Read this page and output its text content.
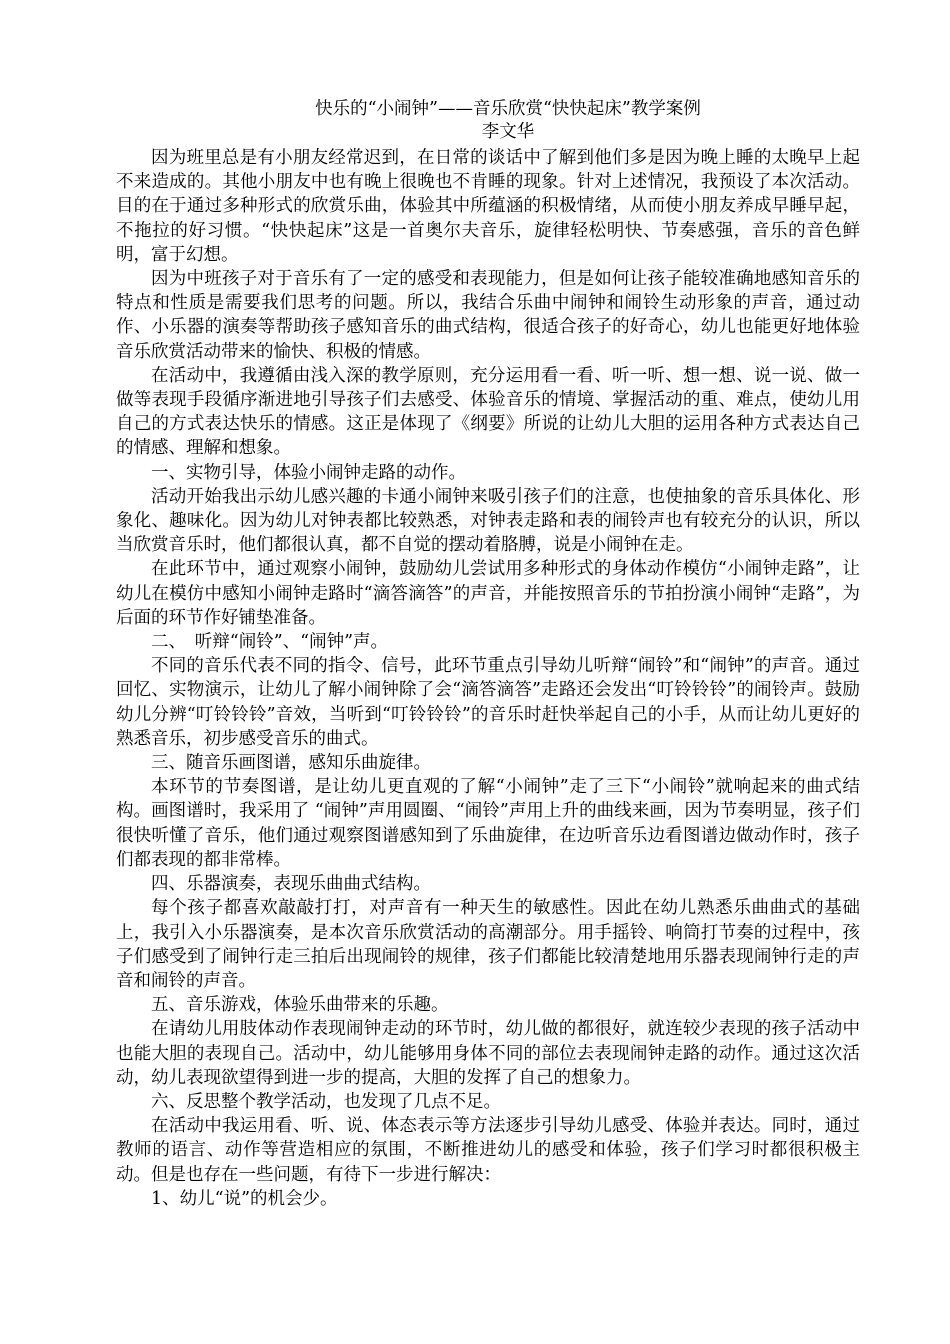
快乐的“小闹钟”——音乐欣赏“快快起床”教学案例

李文华

因为班里总是有小朋友经常迟到，在日常的谈话中了解到他们多是因为晚上睡的太晚早上起不来造成的。其他小朋友中也有晚上很晚也不肯睡的现象。针对上述情况，我预设了本次活动。目的在于通过多种形式的欣赏乐曲，体验其中所蕴涵的积极情绪，从而使小朋友养成早睡早起，不拖拉的好习惯。“快快起床”这是一首奥尔夫音乐，旋律轻松明快、节奏感强，音乐的音色鲜明，富于幻想。

因为中班孩子对于音乐有了一定的感受和表现能力，但是如何让孩子能较准确地感知音乐的特点和性质是需要我们思考的问题。所以，我结合乐曲中闹钟和闹铃生动形象的声音，通过动作、小乐器的演奏等帮助孩子感知音乐的曲式结构，很适合孩子的好奇心，幼儿也能更好地体验音乐欣赏活动带来的愉快、积极的情感。

在活动中，我遵循由浅入深的教学原则，充分运用看一看、听一听、想一想、说一说、做一做等表现手段循序渐进地引导孩子们去感受、体验音乐的情境、掌握活动的重、难点，使幼儿用自己的方式表达快乐的情感。这正是体现了《纲要》所说的让幼儿大胆的运用各种方式表达自己的情感、理解和想象。

一、实物引导，体验小闹钟走路的动作。

活动开始我出示幼儿感兴趣的卡通小闹钟来吸引孩子们的注意，也使抽象的音乐具体化、形象化、趣味化。因为幼儿对钟表都比较熟悉，对钟表走路和表的闹铃声也有较充分的认识，所以当欣赏音乐时，他们都很认真，都不自觉的摆动着胳膊，说是小闹钟在走。

在此环节中，通过观察小闹钟，鼓励幼儿尝试用多种形式的身体动作模仿“小闹钟走路”，让幼儿在模仿中感知小闹钟走路时“滴答滴答”的声音，并能按照音乐的节拍扮演小闹钟“走路”，为后面的环节作好铺垫准备。

二、　听辩“闹铃”、“闹钟”声。

不同的音乐代表不同的指令、信号，此环节重点引导幼儿听辩“闹铃”和“闹钟”的声音。通过回忆、实物演示，让幼儿了解小闹钟除了会“滴答滴答”走路还会发出“叮铃铃铃”的闹铃声。鼓励幼儿分辨“叮铃铃铃”音效，当听到“叮铃铃铃”的音乐时赶快举起自己的小手，从而让幼儿更好的熟悉音乐，初步感受音乐的曲式。

三、随音乐画图谱，感知乐曲旋律。

本环节的节奏图谱，是让幼儿更直观的了解“小闹钟”走了三下“小闹铃”就响起来的曲式结构。画图谱时，我采用了 “闹钟”声用圆圈、“闹铃”声用上升的曲线来画，因为节奏明显，孩子们很快听懂了音乐，他们通过观察图谱感知到了乐曲旋律，在边听音乐边看图谱边做动作时，孩子们都表现的都非常棒。

四、乐器演奏，表现乐曲曲式结构。

每个孩子都喜欢敲敲打打，对声音有一种天生的敏感性。因此在幼儿熟悉乐曲曲式的基础上，我引入小乐器演奏，是本次音乐欣赏活动的高潮部分。用手摇铃、响筒打节奏的过程中，孩子们感受到了闹钟行走三拍后出现闹铃的规律，孩子们都能比较清楚地用乐器表现闹钟行走的声音和闹铃的声音。

五、音乐游戏，体验乐曲带来的乐趣。

在请幼儿用肢体动作表现闹钟走动的环节时，幼儿做的都很好，就连较少表现的孩子活动中也能大胆的表现自己。活动中，幼儿能够用身体不同的部位去表现闹钟走路的动作。通过这次活动，幼儿表现欲望得到进一步的提高，大胆的发挥了自己的想象力。

六、反思整个教学活动，也发现了几点不足。

在活动中我运用看、听、说、体态表示等方法逐步引导幼儿感受、体验并表达。同时，通过教师的语言、动作等营造相应的氛围，不断推进幼儿的感受和体验，孩子们学习时都很积极主动。但是也存在一些问题，有待下一步进行解决：

1、幼儿“说”的机会少。
